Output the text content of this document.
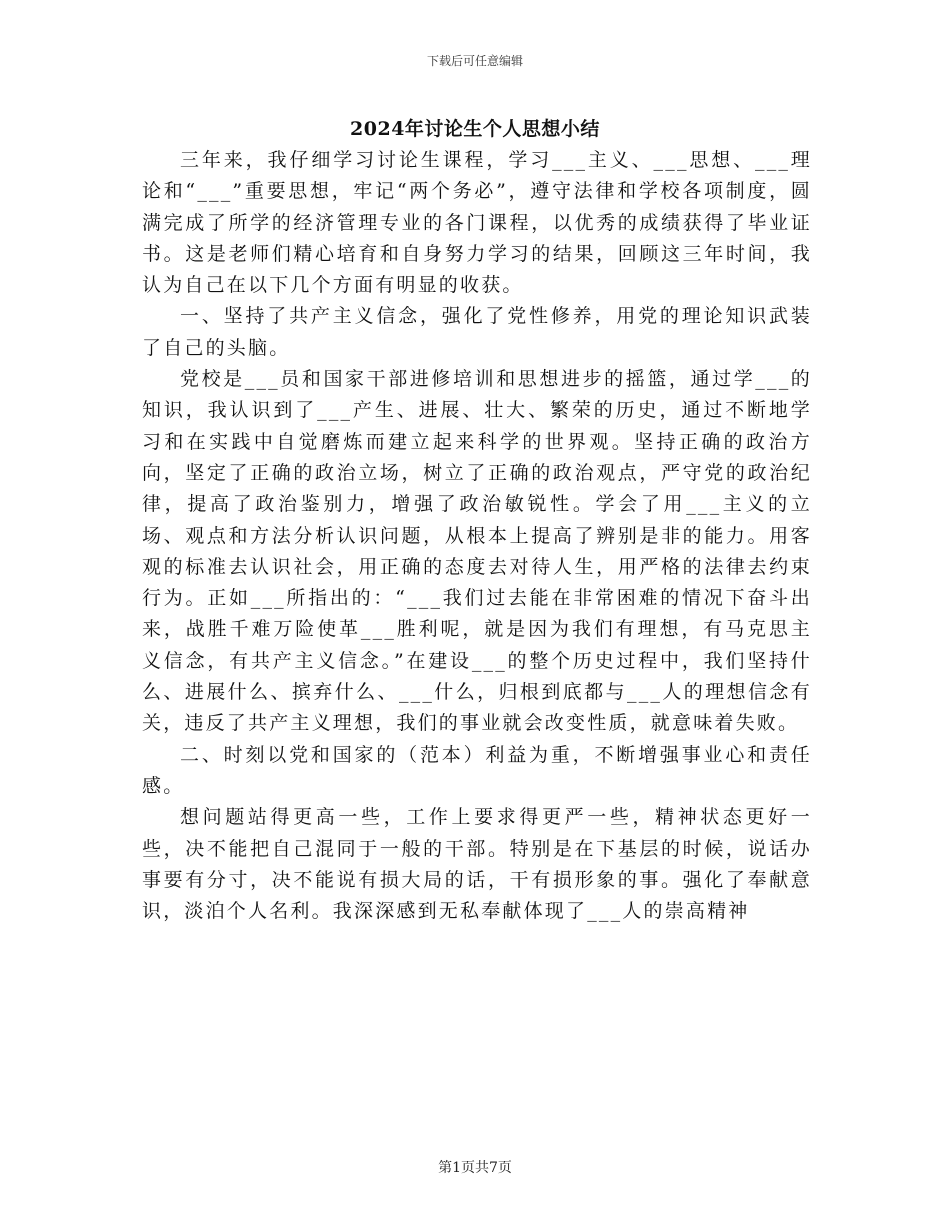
下载后可任意编辑
2024年讨论生个人思想小结

三年来，我仔细学习讨论生课程，学习___主义、___思想、___理论和“___”重要思想，牢记“两个务必”，遵守法律和学校各项制度，圆满完成了所学的经济管理专业的各门课程，以优秀的成绩获得了毕业证书。这是老师们精心培育和自身努力学习的结果，回顾这三年时间，我认为自己在以下几个方面有明显的收获。

一、坚持了共产主义信念，强化了党性修养，用党的理论知识武装了自己的头脑。

党校是___员和国家干部进修培训和思想进步的摇篮，通过学___的知识，我认识到了___产生、进展、壮大、繁荣的历史，通过不断地学习和在实践中自觉磨炼而建立起来科学的世界观。坚持正确的政治方向，坚定了正确的政治立场，树立了正确的政治观点，严守党的政治纪律，提高了政治鉴别力，增强了政治敏锐性。学会了用___主义的立场、观点和方法分析认识问题，从根本上提高了辨别是非的能力。用客观的标准去认识社会，用正确的态度去对待人生，用严格的法律去约束行为。正如___所指出的：“___我们过去能在非常困难的情况下奋斗出来，战胜千难万险使革___胜利呢，就是因为我们有理想，有马克思主义信念，有共产主义信念。”在建设___的整个历史过程中，我们坚持什么、进展什么、摈弃什么、___什么，归根到底都与___人的理想信念有关，违反了共产主义理想，我们的事业就会改变性质，就意味着失败。

二、时刻以党和国家的（范本）利益为重，不断增强事业心和责任感。

想问题站得更高一些，工作上要求得更严一些，精神状态更好一些，决不能把自己混同于一般的干部。特别是在下基层的时候，说话办事要有分寸，决不能说有损大局的话，干有损形象的事。强化了奉献意识，淡泊个人名利。我深深感到无私奉献体现了___人的崇高精神

第1页共7页
